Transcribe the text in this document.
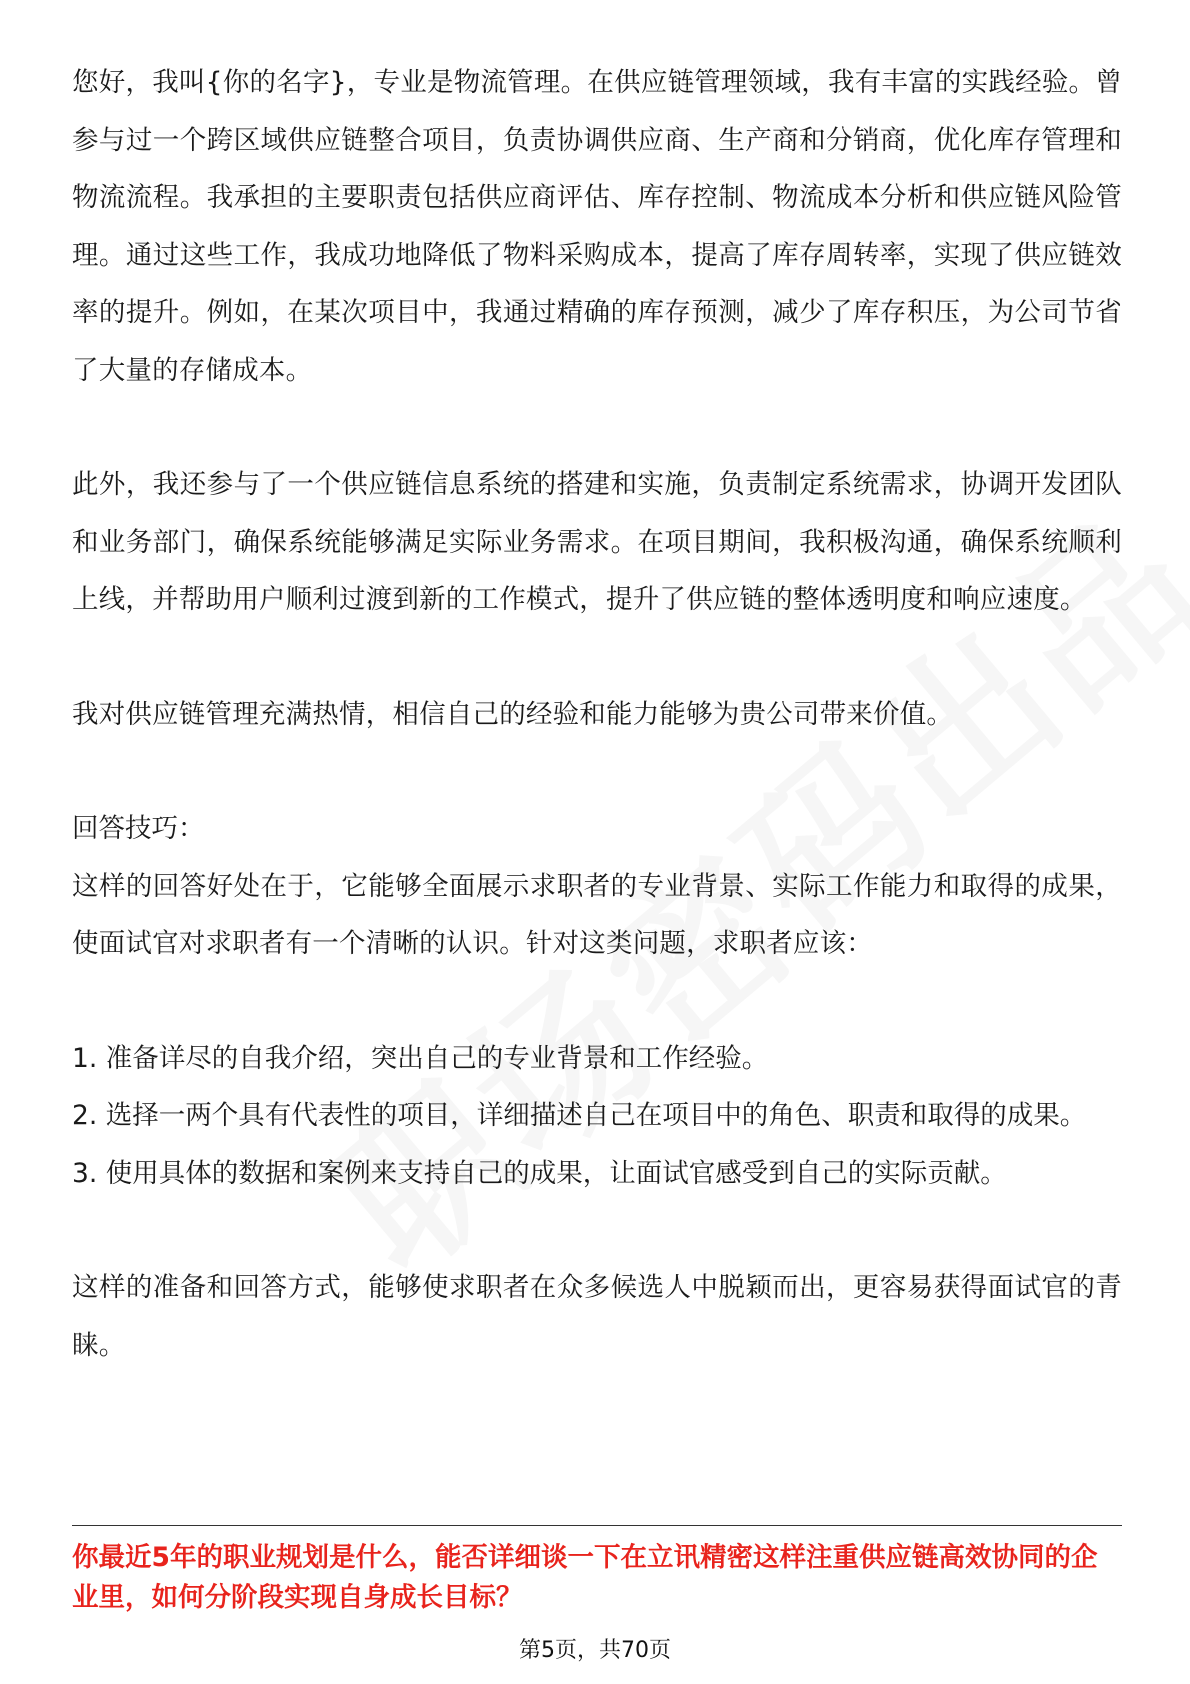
您好，我叫{你的名字}，专业是物流管理。在供应链管理领域，我有丰富的实践经验。曾参与过一个跨区域供应链整合项目，负责协调供应商、生产商和分销商，优化库存管理和物流流程。我承担的主要职责包括供应商评估、库存控制、物流成本分析和供应链风险管理。通过这些工作，我成功地降低了物料采购成本，提高了库存周转率，实现了供应链效率的提升。例如，在某次项目中，我通过精确的库存预测，减少了库存积压，为公司节省了大量的存储成本。

此外，我还参与了一个供应链信息系统的搭建和实施，负责制定系统需求，协调开发团队和业务部门，确保系统能够满足实际业务需求。在项目期间，我积极沟通，确保系统顺利上线，并帮助用户顺利过渡到新的工作模式，提升了供应链的整体透明度和响应速度。

我对供应链管理充满热情，相信自己的经验和能力能够为贵公司带来价值。

回答技巧：

这样的回答好处在于，它能够全面展示求职者的专业背景、实际工作能力和取得的成果，使面试官对求职者有一个清晰的认识。针对这类问题，求职者应该：

1. 准备详尽的自我介绍，突出自己的专业背景和工作经验。

2. 选择一两个具有代表性的项目，详细描述自己在项目中的角色、职责和取得的成果。

3. 使用具体的数据和案例来支持自己的成果，让面试官感受到自己的实际贡献。

这样的准备和回答方式，能够使求职者在众多候选人中脱颖而出，更容易获得面试官的青睐。

你最近5年的职业规划是什么，能否详细谈一下在立讯精密这样注重供应链高效协同的企业里，如何分阶段实现自身成长目标？

第5页，共70页
